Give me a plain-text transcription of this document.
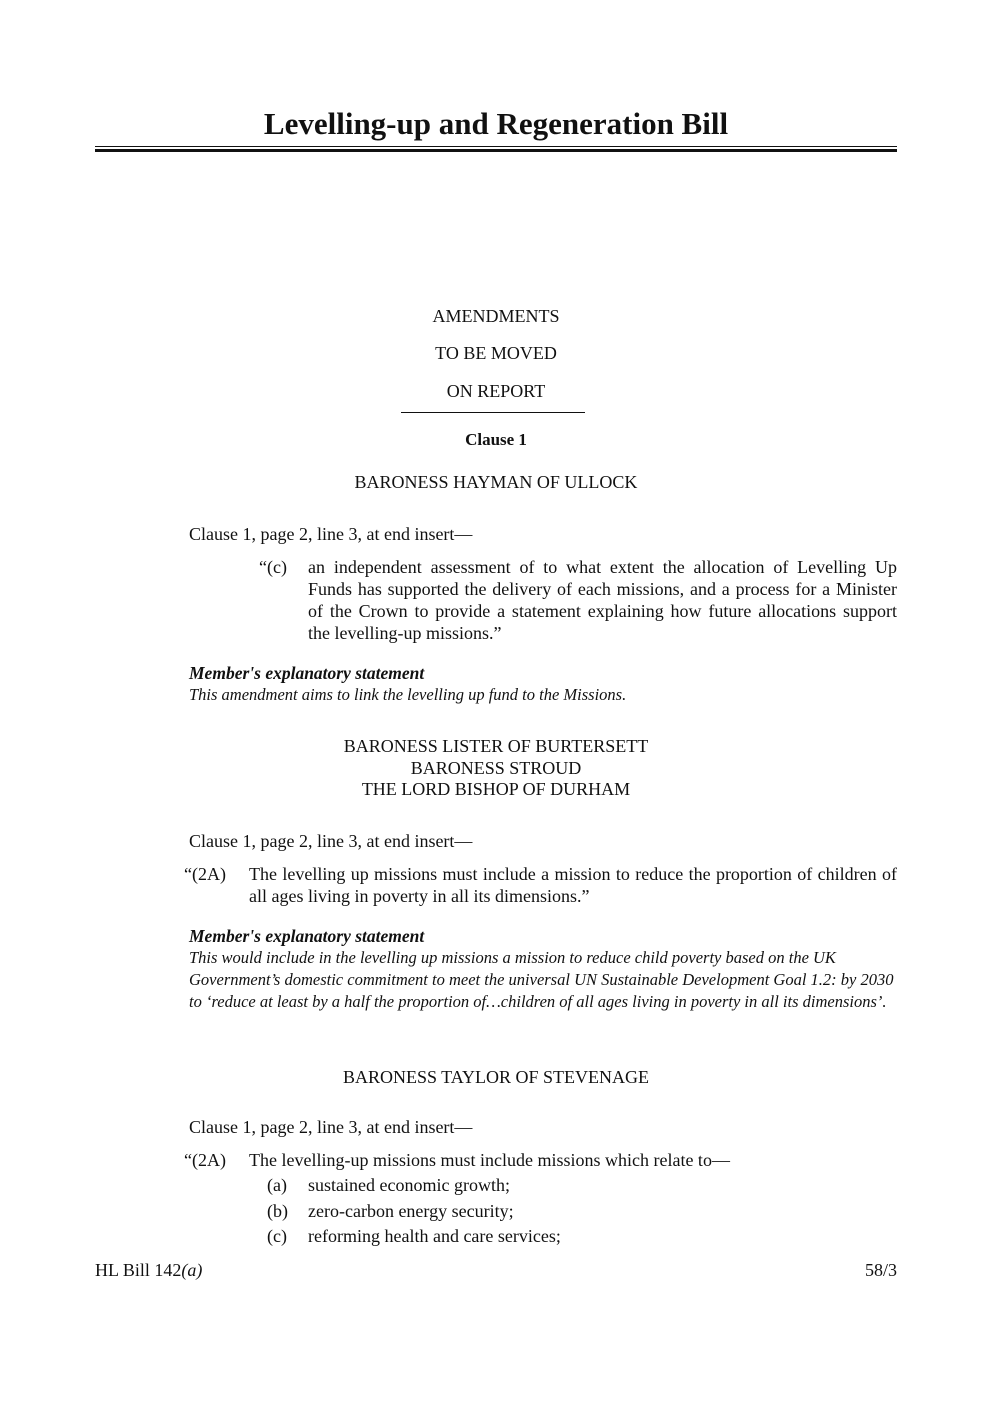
Levelling-up and Regeneration Bill
AMENDMENTS
TO BE MOVED
ON REPORT
Clause 1
BARONESS HAYMAN OF ULLOCK
Clause 1, page 2, line 3, at end insert—
“(c) an independent assessment of to what extent the allocation of Levelling Up Funds has supported the delivery of each missions, and a process for a Minister of the Crown to provide a statement explaining how future allocations support the levelling-up missions.”
Member's explanatory statement
This amendment aims to link the levelling up fund to the Missions.
BARONESS LISTER OF BURTERSETT
BARONESS STROUD
THE LORD BISHOP OF DURHAM
Clause 1, page 2, line 3, at end insert—
“(2A) The levelling up missions must include a mission to reduce the proportion of children of all ages living in poverty in all its dimensions.”
Member's explanatory statement
This would include in the levelling up missions a mission to reduce child poverty based on the UK Government’s domestic commitment to meet the universal UN Sustainable Development Goal 1.2: by 2030 to ‘reduce at least by a half the proportion of…children of all ages living in poverty in all its dimensions’.
BARONESS TAYLOR OF STEVENAGE
Clause 1, page 2, line 3, at end insert—
“(2A) The levelling-up missions must include missions which relate to—
(a) sustained economic growth;
(b) zero-carbon energy security;
(c) reforming health and care services;
HL Bill 142(a)	58/3
